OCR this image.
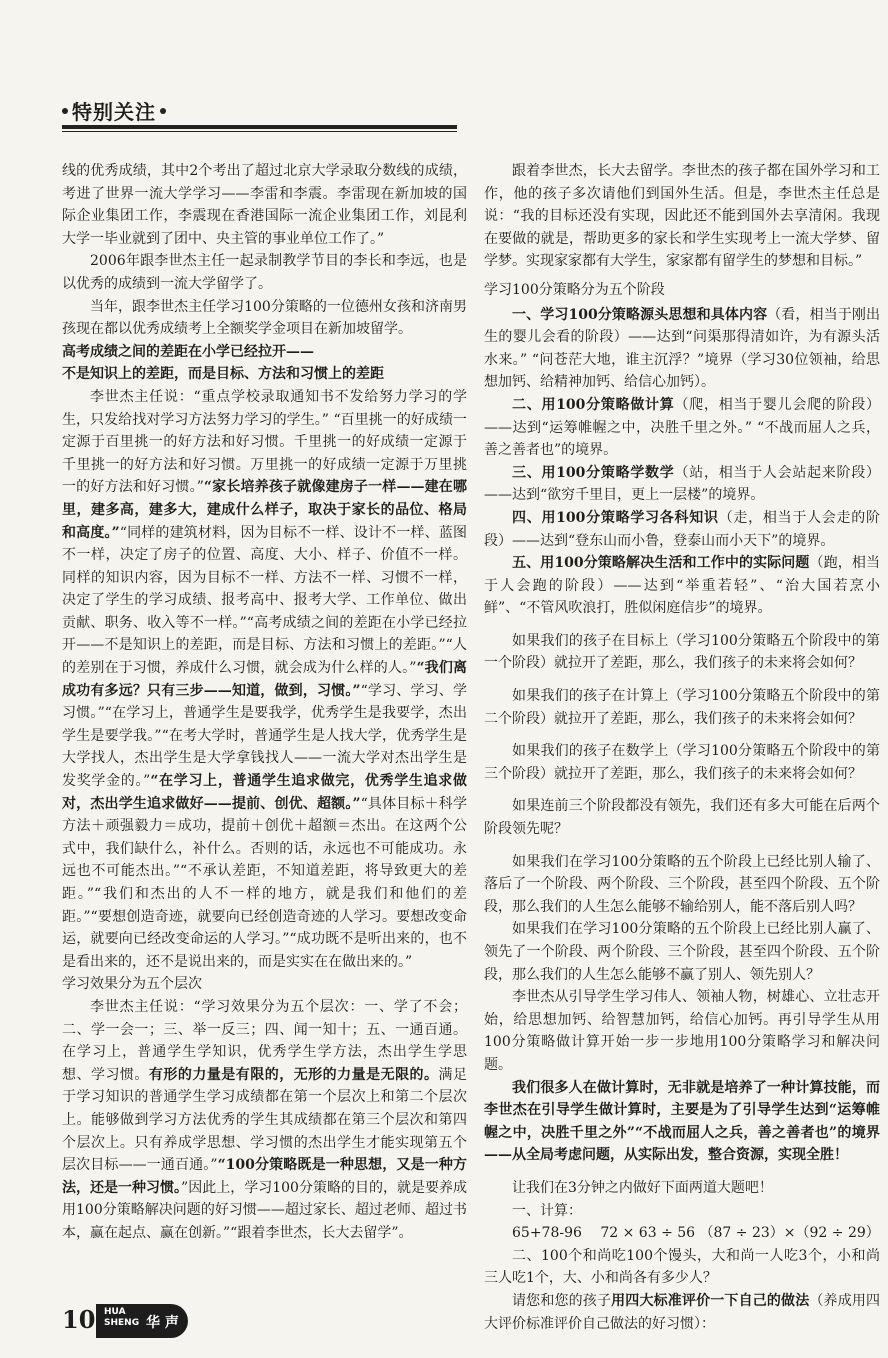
特别关注

线的优秀成绩，其中2个考出了超过北京大学录取分数线的成绩，考进了世界一流大学学习——李雷和李震。李雷现在新加坡的国际企业集团工作，李震现在香港国际一流企业集团工作，刘昆利大学一毕业就到了团中、央主管的事业单位工作了。”

2006年跟李世杰主任一起录制教学节目的李长和李远，也是以优秀的成绩到一流大学留学了。

当年，跟李世杰主任学习100分策略的一位德州女孩和济南男孩现在都以优秀成绩考上全额奖学金项目在新加坡留学。

高考成绩之间的差距在小学已经拉开——

不是知识上的差距，而是目标、方法和习惯上的差距

李世杰主任说：“重点学校录取通知书不发给努力学习的学生，只发给找对学习方法努力学习的学生。” “百里挑一的好成绩一定源于百里挑一的好方法和好习惯。千里挑一的好成绩一定源于千里挑一的好方法和好习惯。万里挑一的好成绩一定源于万里挑一的好方法和好习惯。”“家长培养孩子就像建房子一样——建在哪里，建多高，建多大，建成什么样子，取决于家长的品位、格局和高度。”“同样的建筑材料，因为目标不一样、设计不一样、蓝图不一样，决定了房子的位置、高度、大小、样子、价值不一样。同样的知识内容，因为目标不一样、方法不一样、习惯不一样，决定了学生的学习成绩、报考高中、报考大学、工作单位、做出贡献、职务、收入等不一样。”“高考成绩之间的差距在小学已经拉开——不是知识上的差距，而是目标、方法和习惯上的差距。”“人的差别在于习惯，养成什么习惯，就会成为什么样的人。”“我们离成功有多远？只有三步——知道，做到，习惯。”“学习、学习、学习惯。”“在学习上，普通学生是要我学，优秀学生是我要学，杰出学生是要学我。”“在考大学时，普通学生是人找大学，优秀学生是大学找人，杰出学生是大学拿钱找人——一流大学对杰出学生是发奖学金的。”“在学习上，普通学生追求做完，优秀学生追求做对，杰出学生追求做好——提前、创优、超额。”“具体目标＋科学方法＋顽强毅力＝成功，提前＋创优＋超额＝杰出。在这两个公式中，我们缺什么，补什么。否则的话，永远也不可能成功。永远也不可能杰出。”“不承认差距，不知道差距，将导致更大的差距。”“我们和杰出的人不一样的地方，就是我们和他们的差距。”“要想创造奇迹，就要向已经创造奇迹的人学习。要想改变命运，就要向已经改变命运的人学习。”“成功既不是听出来的，也不是看出来的，还不是说出来的，而是实实在在做出来的。”

学习效果分为五个层次

李世杰主任说：“学习效果分为五个层次：一、学了不会；二、学一会一；三、举一反三；四、闻一知十；五、一通百通。在学习上，普通学生学知识，优秀学生学方法，杰出学生学思想、学习惯。有形的力量是有限的，无形的力量是无限的。满足于学习知识的普通学生学习成绩都在第一个层次上和第二个层次上。能够做到学习方法优秀的学生其成绩都在第三个层次和第四个层次上。只有养成学思想、学习惯的杰出学生才能实现第五个层次目标——一通百通。”“100分策略既是一种思想，又是一种方法，还是一种习惯。”因此上，学习100分策略的目的，就是要养成用100分策略解决问题的好习惯——超过家长、超过老师、超过书本，赢在起点、赢在创新。”“跟着李世杰，长大去留学”。

跟着李世杰，长大去留学。李世杰的孩子都在国外学习和工作，他的孩子多次请他们到国外生活。但是，李世杰主任总是说：“我的目标还没有实现，因此还不能到国外去享清闲。我现在要做的就是，帮助更多的家长和学生实现考上一流大学梦、留学梦。实现家家都有大学生，家家都有留学生的梦想和目标。”

学习100分策略分为五个阶段

一、学习100分策略源头思想和具体内容（看，相当于刚出生的婴儿会看的阶段）——达到“问渠那得清如许，为有源头活水来。” “问苍茫大地，谁主沉浮？”境界（学习30位领袖，给思想加钙、给精神加钙、给信心加钙）。

二、用100分策略做计算（爬，相当于婴儿会爬的阶段）——达到“运筹帷幄之中，决胜千里之外。” “不战而屈人之兵，善之善者也”的境界。

三、用100分策略学数学（站，相当于人会站起来阶段）——达到“欲穷千里目，更上一层楼”的境界。

四、用100分策略学习各科知识（走，相当于人会走的阶段）——达到“登东山而小鲁，登泰山而小天下”的境界。

五、用100分策略解决生活和工作中的实际问题（跑，相当于人会跑的阶段）——达到“举重若轻”、“治大国若烹小鲜”、“不管风吹浪打，胜似闲庭信步”的境界。

如果我们的孩子在目标上（学习100分策略五个阶段中的第一个阶段）就拉开了差距，那么，我们孩子的未来将会如何？

如果我们的孩子在计算上（学习100分策略五个阶段中的第二个阶段）就拉开了差距，那么，我们孩子的未来将会如何？

如果我们的孩子在数学上（学习100分策略五个阶段中的第三个阶段）就拉开了差距，那么，我们孩子的未来将会如何？

如果连前三个阶段都没有领先，我们还有多大可能在后两个阶段领先呢？

如果我们在学习100分策略的五个阶段上已经比别人输了、落后了一个阶段、两个阶段、三个阶段，甚至四个阶段、五个阶段，那么我们的人生怎么能够不输给别人，能不落后别人吗？

如果我们在学习100分策略的五个阶段上已经比别人赢了、领先了一个阶段、两个阶段、三个阶段，甚至四个阶段、五个阶段，那么我们的人生怎么能够不赢了别人、领先别人？

李世杰从引导学生学习伟人、领袖人物，树雄心、立壮志开始，给思想加钙、给智慧加钙，给信心加钙。再引导学生从用100分策略做计算开始一步一步地用100分策略学习和解决问题。

我们很多人在做计算时，无非就是培养了一种计算技能，而李世杰在引导学生做计算时，主要是为了引导学生达到“运筹帷幄之中，决胜千里之外”“不战而屈人之兵，善之善者也”的境界——从全局考虑问题，从实际出发，整合资源，实现全胜！

让我们在3分钟之内做好下面两道大题吧！

一、计算：

65+78-96　 72 × 63 ÷ 56 （87 ÷ 23）×（92 ÷ 29）

二、100个和尚吃100个馒头，大和尚一人吃3个，小和尚三人吃1个，大、小和尚各有多少人？

请您和您的孩子用四大标准评价一下自己的做法（养成用四大评价标准评价自己做法的好习惯）：

10 HUA
SHENG 华 声
